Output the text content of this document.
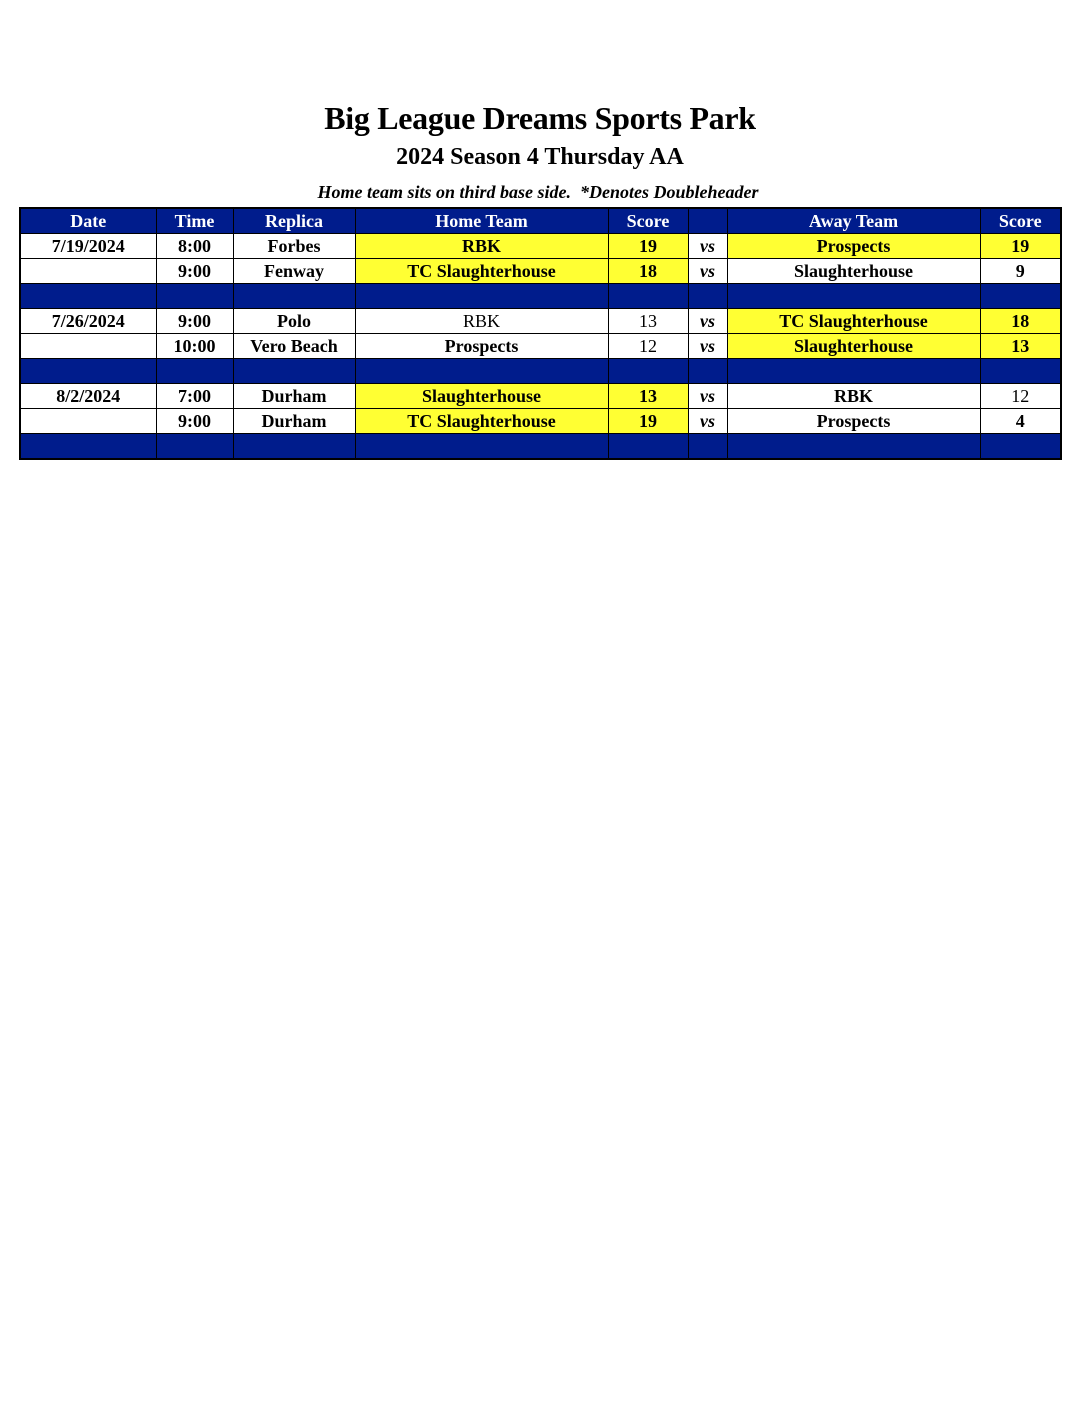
Big League Dreams Sports Park
2024 Season 4 Thursday AA
Home team sits on third base side.  *Denotes Doubleheader
Date	Time	Replica	Home Team	Score		Away Team	Score
7/19/2024	8:00	Forbes	RBK	19	vs	Prospects	19
	9:00	Fenway	TC Slaughterhouse	18	vs	Slaughterhouse	9

7/26/2024	9:00	Polo	RBK	13	vs	TC Slaughterhouse	18
	10:00	Vero Beach	Prospects	12	vs	Slaughterhouse	13

8/2/2024	7:00	Durham	Slaughterhouse	13	vs	RBK	12
	9:00	Durham	TC Slaughterhouse	19	vs	Prospects	4
